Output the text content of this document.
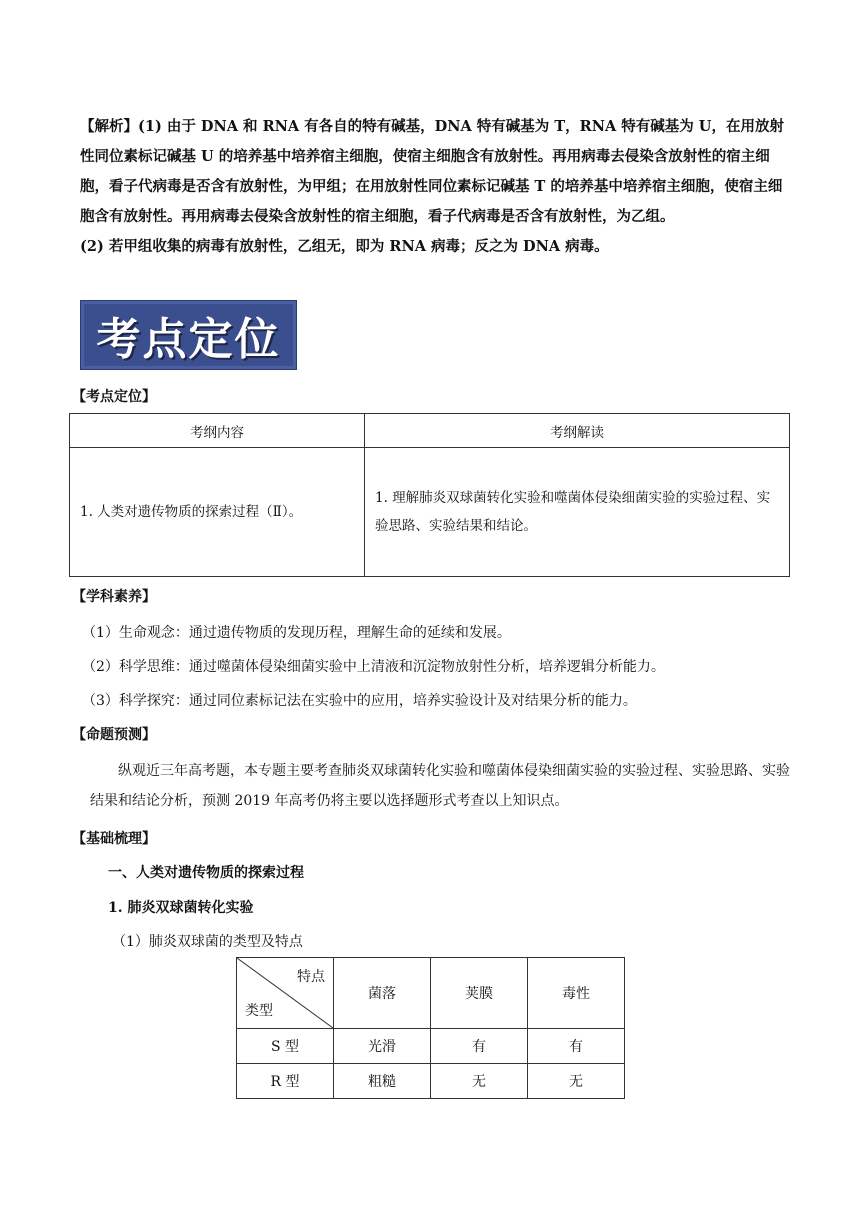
【解析】(1) 由于 DNA 和 RNA 有各自的特有碱基，DNA 特有碱基为 T，RNA 特有碱基为 U，在用放射性同位素标记碱基 U 的培养基中培养宿主细胞，使宿主细胞含有放射性。再用病毒去侵染含放射性的宿主细胞，看子代病毒是否含有放射性，为甲组；在用放射性同位素标记碱基 T 的培养基中培养宿主细胞，使宿主细胞含有放射性。再用病毒去侵染含放射性的宿主细胞，看子代病毒是否含有放射性，为乙组。

(2) 若甲组收集的病毒有放射性，乙组无，即为 RNA 病毒；反之为 DNA 病毒。

考点定位
【考点定位】
考纲内容	考纲解读
1. 人类对遗传物质的探索过程（Ⅱ）。	1. 理解肺炎双球菌转化实验和噬菌体侵染细菌实验的实验过程、实验思路、实验结果和结论。
【学科素养】
（1）生命观念：通过遗传物质的发现历程，理解生命的延续和发展。
（2）科学思维：通过噬菌体侵染细菌实验中上清液和沉淀物放射性分析，培养逻辑分析能力。
（3）科学探究：通过同位素标记法在实验中的应用，培养实验设计及对结果分析的能力。
【命题预测】
纵观近三年高考题，本专题主要考查肺炎双球菌转化实验和噬菌体侵染细菌实验的实验过程、实验思路、实验结果和结论分析，预测 2019 年高考仍将主要以选择题形式考查以上知识点。
【基础梳理】
一、人类对遗传物质的探索过程
1. 肺炎双球菌转化实验
（1）肺炎双球菌的类型及特点
特点
类型	菌落	荚膜	毒性
S 型	光滑	有	有
R 型	粗糙	无	无
